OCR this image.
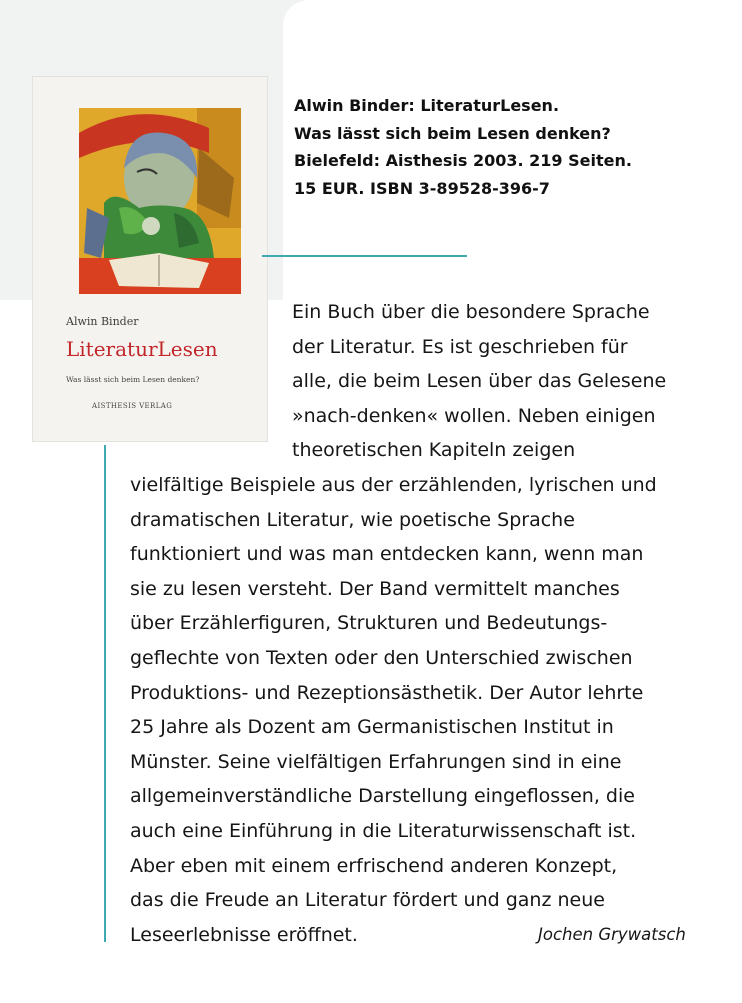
Alwin Binder
LiteraturLesen
Was lässt sich beim Lesen denken?
AISTHESIS VERLAG
Alwin Binder: LiteraturLesen.
Was lässt sich beim Lesen denken?
Bielefeld: Aisthesis 2003. 219 Seiten.
15 EUR. ISBN 3-89528-396-7
Ein Buch über die besondere Sprache
der Literatur. Es ist geschrieben für
alle, die beim Lesen über das Gelesene
»nach-denken« wollen. Neben einigen
theoretischen Kapiteln zeigen
vielfältige Beispiele aus der erzählenden, lyrischen und
dramatischen Literatur, wie poetische Sprache
funktioniert und was man entdecken kann, wenn man
sie zu lesen versteht. Der Band vermittelt manches
über Erzählerfiguren, Strukturen und Bedeutungs-
geflechte von Texten oder den Unterschied zwischen
Produktions- und Rezeptionsästhetik. Der Autor lehrte
25 Jahre als Dozent am Germanistischen Institut in
Münster. Seine vielfältigen Erfahrungen sind in eine
allgemeinverständliche Darstellung eingeflossen, die
auch eine Einführung in die Literaturwissenschaft ist.
Aber eben mit einem erfrischend anderen Konzept,
das die Freude an Literatur fördert und ganz neue
Leseerlebnisse eröffnet.	Jochen Grywatsch
